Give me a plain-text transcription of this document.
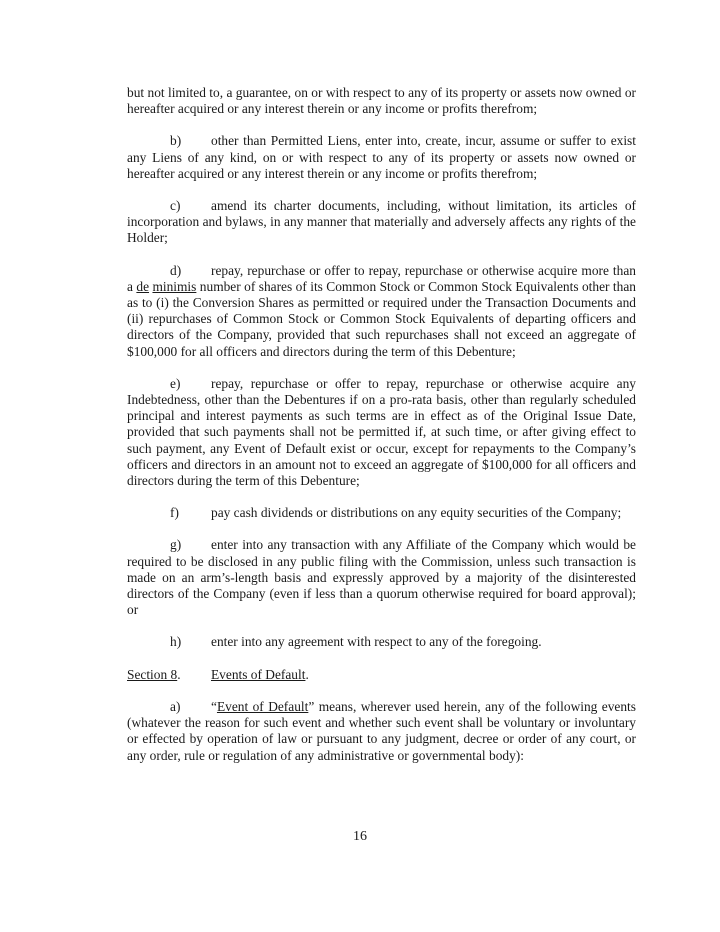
but not limited to, a guarantee, on or with respect to any of its property or assets now owned or hereafter acquired or any interest therein or any income or profits therefrom;

b) other than Permitted Liens, enter into, create, incur, assume or suffer to exist any Liens of any kind, on or with respect to any of its property or assets now owned or hereafter acquired or any interest therein or any income or profits therefrom;

c) amend its charter documents, including, without limitation, its articles of incorporation and bylaws, in any manner that materially and adversely affects any rights of the Holder;

d) repay, repurchase or offer to repay, repurchase or otherwise acquire more than a de minimis number of shares of its Common Stock or Common Stock Equivalents other than as to (i) the Conversion Shares as permitted or required under the Transaction Documents and (ii) repurchases of Common Stock or Common Stock Equivalents of departing officers and directors of the Company, provided that such repurchases shall not exceed an aggregate of $100,000 for all officers and directors during the term of this Debenture;

e) repay, repurchase or offer to repay, repurchase or otherwise acquire any Indebtedness, other than the Debentures if on a pro-rata basis, other than regularly scheduled principal and interest payments as such terms are in effect as of the Original Issue Date, provided that such payments shall not be permitted if, at such time, or after giving effect to such payment, any Event of Default exist or occur, except for repayments to the Company’s officers and directors in an amount not to exceed an aggregate of $100,000 for all officers and directors during the term of this Debenture;

f) pay cash dividends or distributions on any equity securities of the Company;

g) enter into any transaction with any Affiliate of the Company which would be required to be disclosed in any public filing with the Commission, unless such transaction is made on an arm’s-length basis and expressly approved by a majority of the disinterested directors of the Company (even if less than a quorum otherwise required for board approval); or

h) enter into any agreement with respect to any of the foregoing.

Section 8. Events of Default.

a) “Event of Default” means, wherever used herein, any of the following events (whatever the reason for such event and whether such event shall be voluntary or involuntary or effected by operation of law or pursuant to any judgment, decree or order of any court, or any order, rule or regulation of any administrative or governmental body):

16
